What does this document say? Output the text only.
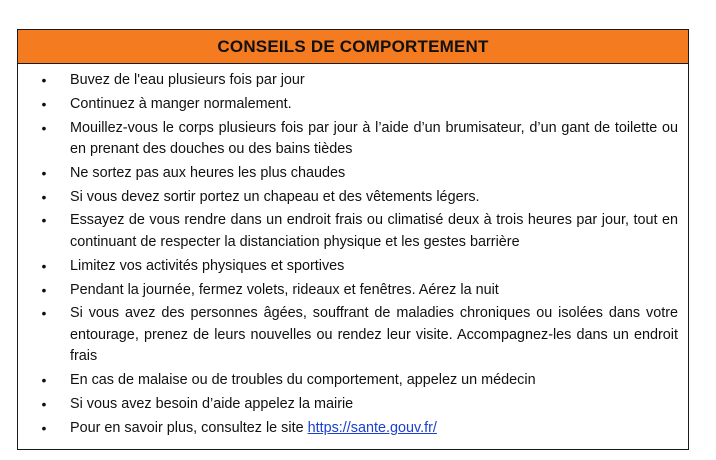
CONSEILS DE COMPORTEMENT
•	Buvez de l'eau plusieurs fois par jour
•	Continuez à manger normalement.
•	Mouillez-vous le corps plusieurs fois par jour à l’aide d’un brumisateur, d’un gant de toilette ou en prenant des douches ou des bains tièdes
•	Ne sortez pas aux heures les plus chaudes
•	Si vous devez sortir portez un chapeau et des vêtements légers.
•	Essayez de vous rendre dans un endroit frais ou climatisé deux à trois heures par jour, tout en continuant de respecter la distanciation physique et les gestes barrière
•	Limitez vos activités physiques et sportives
•	Pendant la journée, fermez volets, rideaux et fenêtres. Aérez la nuit
•	Si vous avez des personnes âgées, souffrant de maladies chroniques ou isolées dans votre entourage, prenez de leurs nouvelles ou rendez leur visite. Accompagnez-les dans un endroit frais
•	En cas de malaise ou de troubles du comportement, appelez un médecin
•	Si vous avez besoin d’aide appelez la mairie
•	Pour en savoir plus, consultez le site https://sante.gouv.fr/
